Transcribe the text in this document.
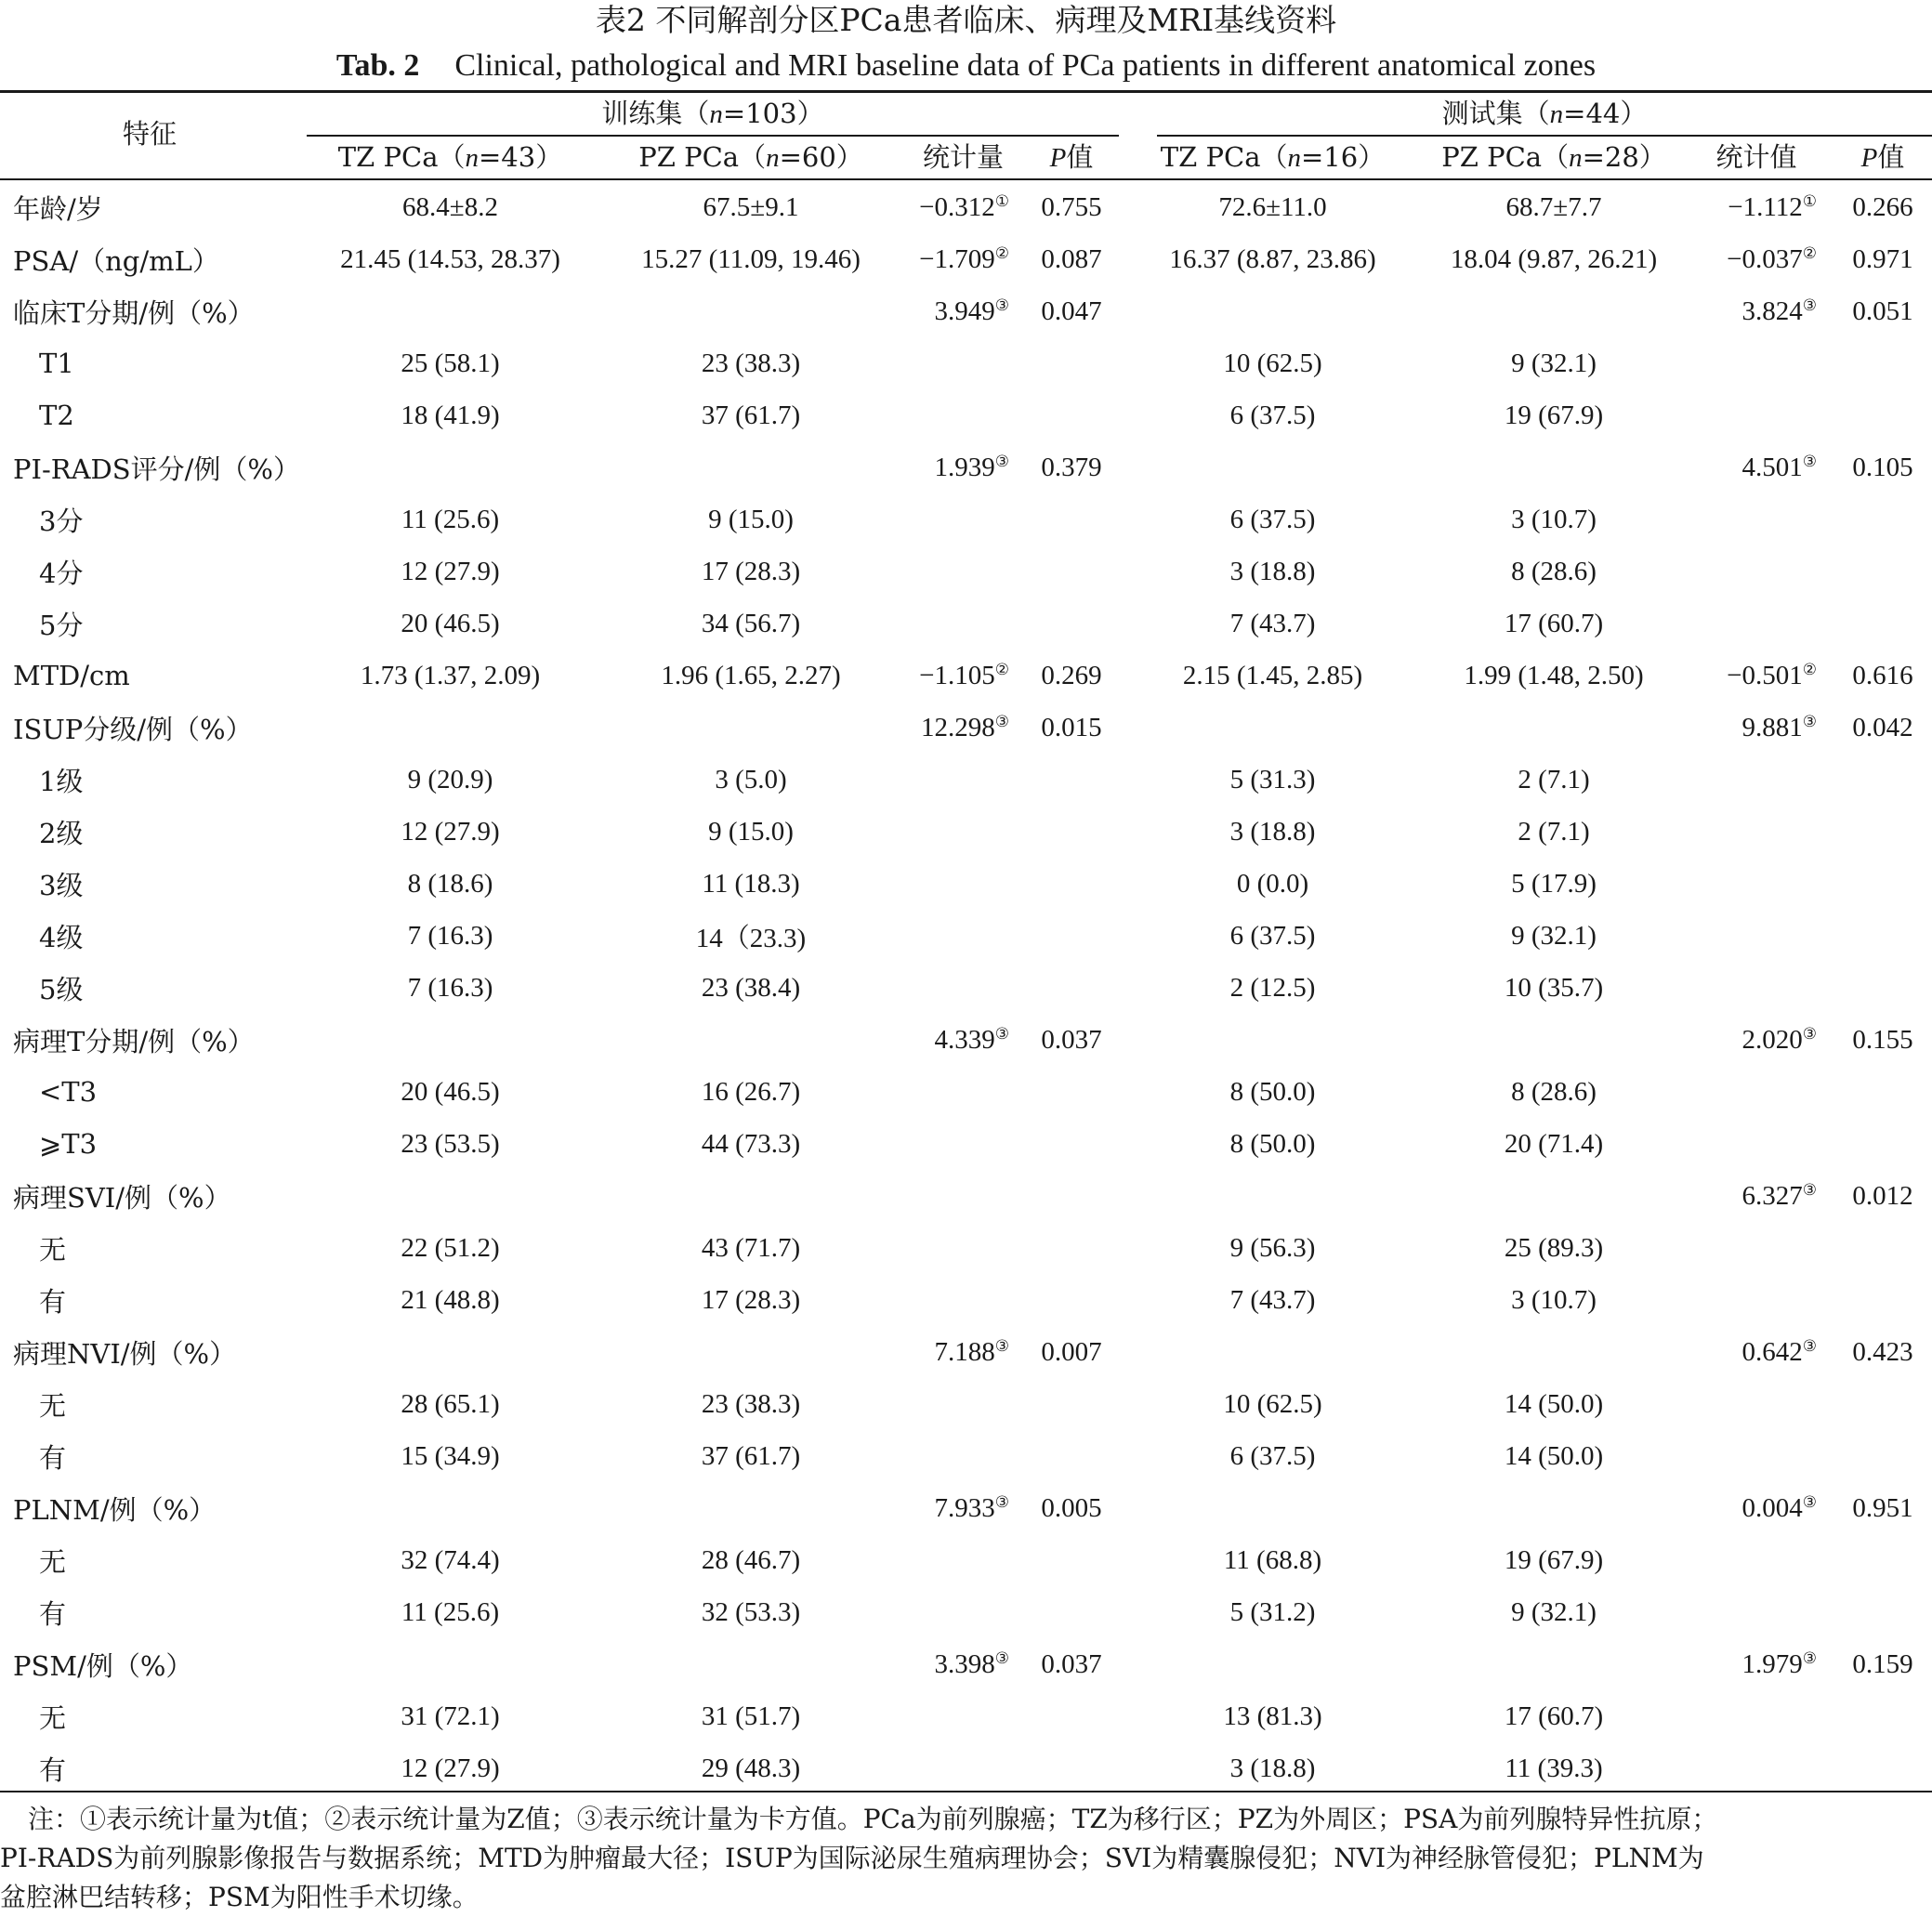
表2 不同解剖分区PCa患者临床、病理及MRI基线资料
Tab. 2 Clinical, pathological and MRI baseline data of PCa patients in different anatomical zones
特征
训练集（n=103）	测试集（n=44）
TZ PCa（n=43）	PZ PCa（n=60）	统计量	P值	TZ PCa（n=16）	PZ PCa（n=28）	统计值	P值
年龄/岁	68.4±8.2	67.5±9.1	−0.312①	0.755	72.6±11.0	68.7±7.7	−1.112①	0.266
PSA/（ng/mL）	21.45 (14.53, 28.37)	15.27 (11.09, 19.46)	−1.709②	0.087	16.37 (8.87, 23.86)	18.04 (9.87, 26.21)	−0.037②	0.971
临床T分期/例（%）			3.949③	0.047			3.824③	0.051
T1	25 (58.1)	23 (38.3)			10 (62.5)	9 (32.1)		
T2	18 (41.9)	37 (61.7)			6 (37.5)	19 (67.9)		
PI-RADS评分/例（%）			1.939③	0.379			4.501③	0.105
3分	11 (25.6)	9 (15.0)			6 (37.5)	3 (10.7)		
4分	12 (27.9)	17 (28.3)			3 (18.8)	8 (28.6)		
5分	20 (46.5)	34 (56.7)			7 (43.7)	17 (60.7)		
MTD/cm	1.73 (1.37, 2.09)	1.96 (1.65, 2.27)	−1.105②	0.269	2.15 (1.45, 2.85)	1.99 (1.48, 2.50)	−0.501②	0.616
ISUP分级/例（%）			12.298③	0.015			9.881③	0.042
1级	9 (20.9)	3 (5.0)			5 (31.3)	2 (7.1)		
2级	12 (27.9)	9 (15.0)			3 (18.8)	2 (7.1)		
3级	8 (18.6)	11 (18.3)			0 (0.0)	5 (17.9)		
4级	7 (16.3)	14（23.3)			6 (37.5)	9 (32.1)		
5级	7 (16.3)	23 (38.4)			2 (12.5)	10 (35.7)		
病理T分期/例（%）			4.339③	0.037			2.020③	0.155
<T3	20 (46.5)	16 (26.7)			8 (50.0)	8 (28.6)		
⩾T3	23 (53.5)	44 (73.3)			8 (50.0)	20 (71.4)		
病理SVI/例（%）							6.327③	0.012
无	22 (51.2)	43 (71.7)			9 (56.3)	25 (89.3)		
有	21 (48.8)	17 (28.3)			7 (43.7)	3 (10.7)		
病理NVI/例（%）			7.188③	0.007			0.642③	0.423
无	28 (65.1)	23 (38.3)			10 (62.5)	14 (50.0)		
有	15 (34.9)	37 (61.7)			6 (37.5)	14 (50.0)		
PLNM/例（%）			7.933③	0.005			0.004③	0.951
无	32 (74.4)	28 (46.7)			11 (68.8)	19 (67.9)		
有	11 (25.6)	32 (53.3)			5 (31.2)	9 (32.1)		
PSM/例（%）			3.398③	0.037			1.979③	0.159
无	31 (72.1)	31 (51.7)			13 (81.3)	17 (60.7)		
有	12 (27.9)	29 (48.3)			3 (18.8)	11 (39.3)		

注：①表示统计量为t值；②表示统计量为Z值；③表示统计量为卡方值。PCa为前列腺癌；TZ为移行区；PZ为外周区；PSA为前列腺特异性抗原；

PI-RADS为前列腺影像报告与数据系统；MTD为肿瘤最大径；ISUP为国际泌尿生殖病理协会；SVI为精囊腺侵犯；NVI为神经脉管侵犯；PLNM为

盆腔淋巴结转移；PSM为阳性手术切缘。
